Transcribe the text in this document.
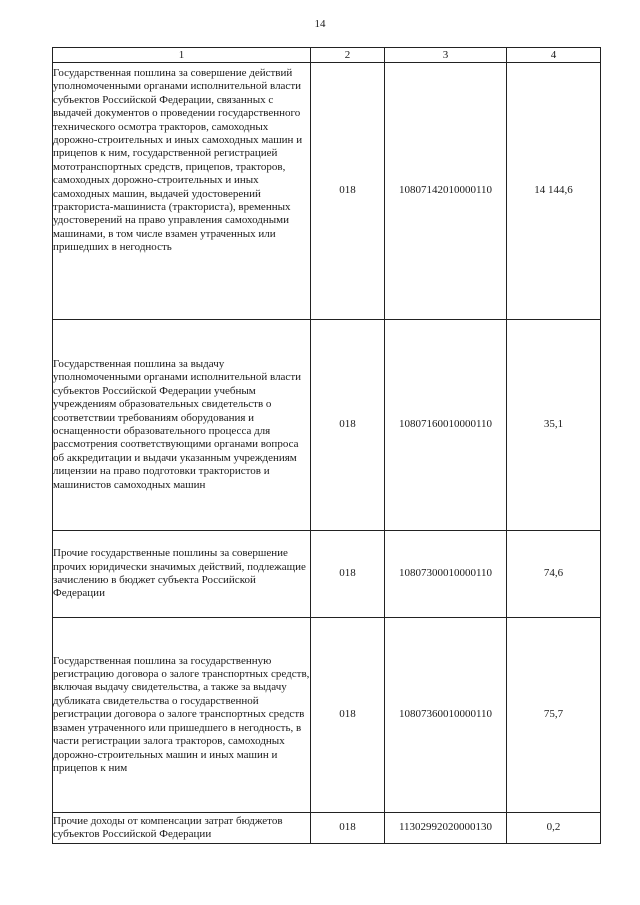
14
1	2	3	4
Государственная пошлина за совершение действий уполномоченными органами исполнительной власти субъектов Российской Федерации, связанных с выдачей документов о проведении государственного технического осмотра тракторов, самоходных дорожно-строительных и иных самоходных машин и прицепов к ним, государственной регистрацией мототранспортных средств, прицепов, тракторов, самоходных дорожно-строительных и иных самоходных машин, выдачей удостоверений тракториста-машиниста (тракториста), временных удостоверений на право управления самоходными машинами, в том числе взамен утраченных или пришедших в негодность	018	10807142010000110	14 144,6
Государственная пошлина за выдачу уполномоченными органами исполнительной власти субъектов Российской Федерации учебным учреждениям образовательных свидетельств о соответствии требованиям оборудования и оснащенности образовательного процесса для рассмотрения соответствующими органами вопроса об аккредитации и выдачи указанным учреждениям лицензии на право подготовки трактористов и машинистов самоходных машин	018	10807160010000110	35,1
Прочие государственные пошлины за совершение прочих юридически значимых действий, подлежащие зачислению в бюджет субъекта Российской Федерации	018	10807300010000110	74,6
Государственная пошлина за государственную регистрацию договора о залоге транспортных средств, включая выдачу свидетельства, а также за выдачу дубликата свидетельства о государственной регистрации договора о залоге транспортных средств взамен утраченного или пришедшего в негодность, в части регистрации залога тракторов, самоходных дорожно-строительных машин и иных машин и прицепов к ним	018	10807360010000110	75,7
Прочие доходы от компенсации затрат бюджетов субъектов Российской Федерации	018	11302992020000130	0,2
